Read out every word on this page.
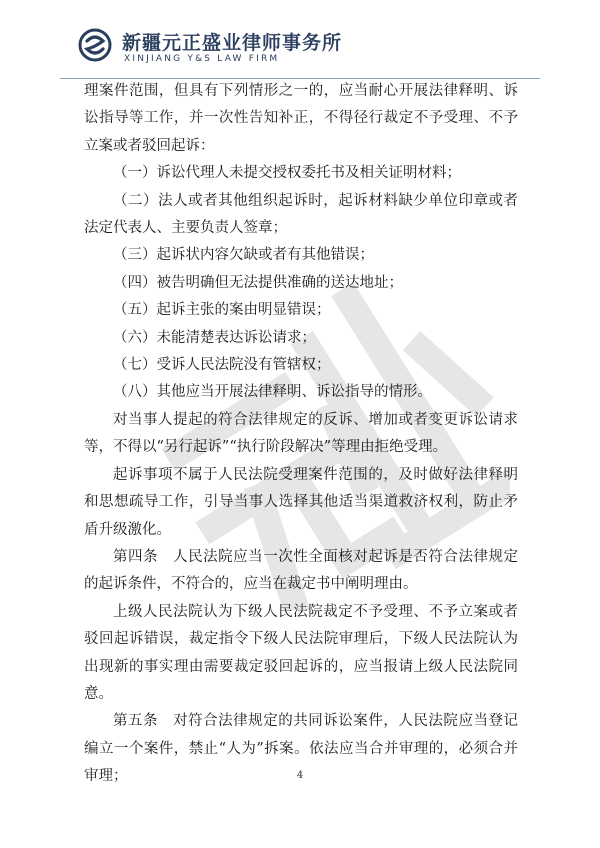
新疆元正盛业律师事务所
XINJIANG Y&S LAW FIRM

理案件范围，但具有下列情形之一的，应当耐心开展法律释明、诉讼指导等工作，并一次性告知补正，不得径行裁定不予受理、不予立案或者驳回起诉：

（一）诉讼代理人未提交授权委托书及相关证明材料；

（二）法人或者其他组织起诉时，起诉材料缺少单位印章或者法定代表人、主要负责人签章；

（三）起诉状内容欠缺或者有其他错误；

（四）被告明确但无法提供准确的送达地址；

（五）起诉主张的案由明显错误；

（六）未能清楚表达诉讼请求；

（七）受诉人民法院没有管辖权；

（八）其他应当开展法律释明、诉讼指导的情形。

对当事人提起的符合法律规定的反诉、增加或者变更诉讼请求等，不得以“另行起诉”“执行阶段解决”等理由拒绝受理。

起诉事项不属于人民法院受理案件范围的，及时做好法律释明和思想疏导工作，引导当事人选择其他适当渠道救济权利，防止矛盾升级激化。

第四条　人民法院应当一次性全面核对起诉是否符合法律规定的起诉条件，不符合的，应当在裁定书中阐明理由。

上级人民法院认为下级人民法院裁定不予受理、不予立案或者驳回起诉错误，裁定指令下级人民法院审理后，下级人民法院认为出现新的事实理由需要裁定驳回起诉的，应当报请上级人民法院同意。

第五条　对符合法律规定的共同诉讼案件，人民法院应当登记编立一个案件，禁止“人为”拆案。依法应当合并审理的，必须合并审理；	4
